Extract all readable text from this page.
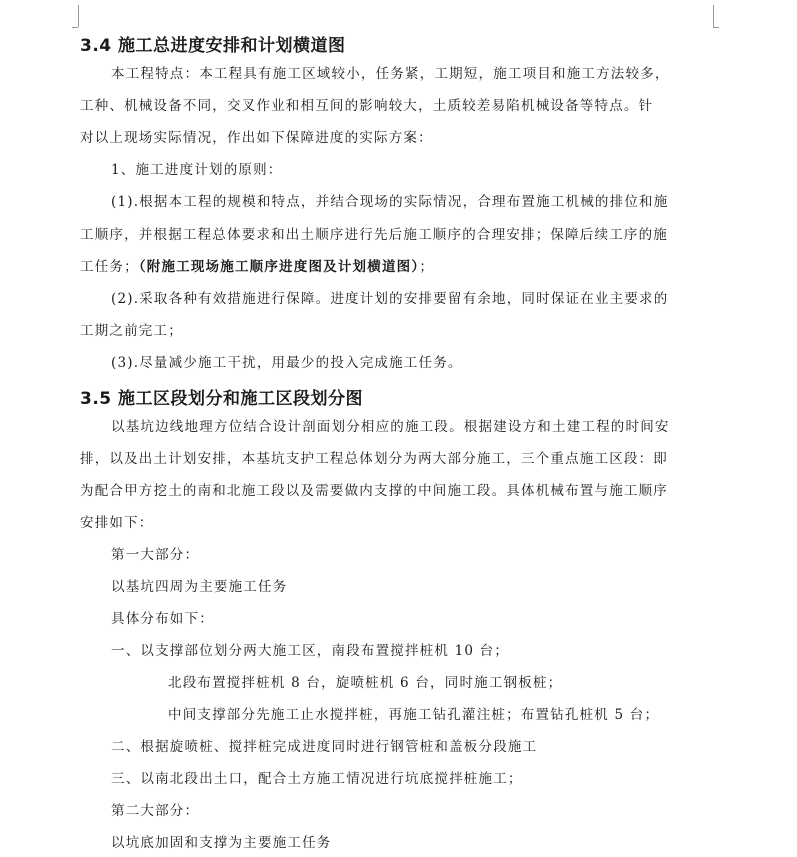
3.4 施工总进度安排和计划横道图
本工程特点：本工程具有施工区域较小，任务紧，工期短，施工项目和施工方法较多，
工种、机械设备不同，交叉作业和相互间的影响较大，土质较差易陷机械设备等特点。针
对以上现场实际情况，作出如下保障进度的实际方案：
1、施工进度计划的原则：
(1).根据本工程的规模和特点，并结合现场的实际情况，合理布置施工机械的排位和施
工顺序，并根据工程总体要求和出土顺序进行先后施工顺序的合理安排；保障后续工序的施
工任务；（附施工现场施工顺序进度图及计划横道图）；
(2).采取各种有效措施进行保障。进度计划的安排要留有余地，同时保证在业主要求的
工期之前完工；
(3).尽量减少施工干扰，用最少的投入完成施工任务。
3.5 施工区段划分和施工区段划分图
以基坑边线地理方位结合设计剖面划分相应的施工段。根据建设方和土建工程的时间安
排，以及出土计划安排，本基坑支护工程总体划分为两大部分施工，三个重点施工区段：即
为配合甲方挖土的南和北施工段以及需要做内支撑的中间施工段。具体机械布置与施工顺序
安排如下：
第一大部分：
以基坑四周为主要施工任务
具体分布如下：
一、以支撑部位划分两大施工区，南段布置搅拌桩机 10 台；
北段布置搅拌桩机 8 台，旋喷桩机 6 台，同时施工钢板桩；
中间支撑部分先施工止水搅拌桩，再施工钻孔灌注桩；布置钻孔桩机 5 台；
二、根据旋喷桩、搅拌桩完成进度同时进行钢管桩和盖板分段施工
三、以南北段出土口，配合土方施工情况进行坑底搅拌桩施工；
第二大部分：
以坑底加固和支撑为主要施工任务
